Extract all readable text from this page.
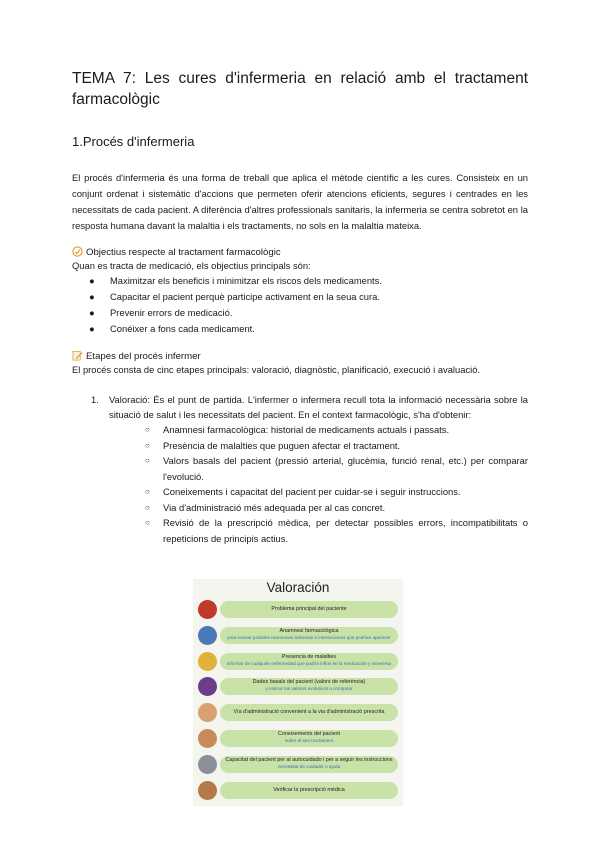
TEMA 7: Les cures d'infermeria en relació amb el tractament farmacològic
1.Procés d'infermeria

El procés d'infermeria és una forma de treball que aplica el mètode científic a les cures. Consisteix en un conjunt ordenat i sistemàtic d'accions que permeten oferir atencions eficients, segures i centrades en les necessitats de cada pacient. A diferència d'altres professionals sanitaris, la infermeria se centra sobretot en la resposta humana davant la malaltia i els tractaments, no sols en la malaltia mateixa.

Objectius respecte al tractament farmacològic

Quan es tracta de medicació, els objectius principals són:

● Maximitzar els beneficis i minimitzar els riscos dels medicaments.
● Capacitar el pacient perquè participe activament en la seua cura.
● Prevenir errors de medicació.
● Conéixer a fons cada medicament.

Etapes del procés infermer

El procés consta de cinc etapes principals: valoració, diagnòstic, planificació, execució i avaluació.

1. Valoració: És el punt de partida. L'infermer o infermera recull tota la informació necessària sobre la situació de salut i les necessitats del pacient. En el context farmacològic, s'ha d'obtenir:

○ Anamnesi farmacològica: historial de medicaments actuals i passats.
○ Presència de malalties que puguen afectar el tractament.
○ Valors basals del pacient (pressió arterial, glucèmia, funció renal, etc.) per comparar l'evolució.
○ Coneixements i capacitat del pacient per cuidar-se i seguir instruccions.
○ Via d'administració més adequada per al cas concret.
○ Revisió de la prescripció mèdica, per detectar possibles errors, incompatibilitats o repeticions de principis actius.
Valoración
Problema principal del paciente
Anamnesi farmacológica
para revisar posibles reacciones adversas e interacciones que podrían aparecer
Presencia de malalties
informar de cualquier enfermedad que podría influir en la medicación y viceversa
Dades basals del pacient (valors de referència)
y valorar los valores evolutivos a comparar
Vía d'administració convenient a la via d'administració prescrita
Coneixements del pacient
sobre el seu tractament
Capacitat del pacient per al autocuidado i per a seguir les instruccions
necessitat de cuidador o ajuda
Verificar la prescripció mèdica
